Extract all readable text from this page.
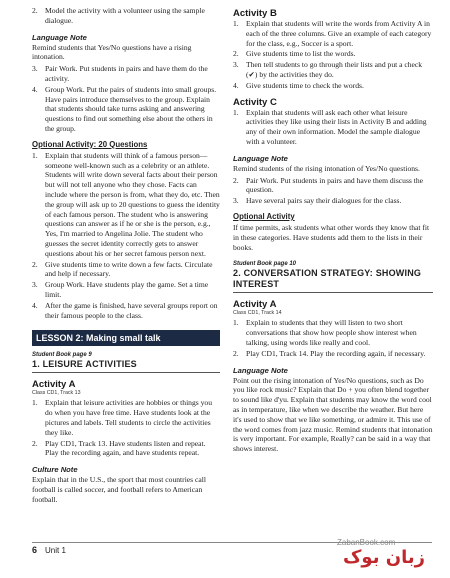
2. Model the activity with a volunteer using the sample dialogue.

Language Note

Remind students that Yes/No questions have a rising intonation.

3. Pair Work. Put students in pairs and have them do the activity.
4. Group Work. Put the pairs of students into small groups. Have pairs introduce themselves to the group. Explain that students should take turns asking and answering questions to find out something else about the others in the group.

Optional Activity: 20 Questions

1. Explain that students will think of a famous person—someone well-known such as a celebrity or an athlete. Students will write down several facts about their person but will not tell anyone who they chose. Facts can include where the person is from, what they do, etc. Then the group will ask up to 20 questions to guess the identity of each famous person. The student who is answering questions can answer as if he or she is the person, e.g., Yes, I'm married to Angelina Jolie. The student who guesses the secret identity correctly gets to answer questions about his or her secret famous person next.
2. Give students time to write down a few facts. Circulate and help if necessary.
3. Group Work. Have students play the game. Set a time limit.
4. After the game is finished, have several groups report on their famous people to the class.
LESSON 2: Making small talk

Student Book page 9

1. LEISURE ACTIVITIES

Activity A

Class CD1, Track 13

1. Explain that leisure activities are hobbies or things you do when you have free time. Have students look at the pictures and labels. Tell students to circle the activities they like.
2. Play CD1, Track 13. Have students listen and repeat. Play the recording again, and have students repeat.

Culture Note

Explain that in the U.S., the sport that most countries call football is called soccer, and football refers to American football.

Activity B

1. Explain that students will write the words from Activity A in each of the three columns. Give an example of each category for the class, e.g., Soccer is a sport.
2. Give students time to list the words.
3. Then tell students to go through their lists and put a check (✔) by the activities they do.
4. Give students time to check the words.

Activity C

1. Explain that students will ask each other what leisure activities they like using their lists in Activity B and adding any of their own information. Model the sample dialogue with a volunteer.

Language Note

Remind students of the rising intonation of Yes/No questions.

2. Pair Work. Put students in pairs and have them discuss the question.
3. Have several pairs say their dialogues for the class.

Optional Activity

If time permits, ask students what other words they know that fit in these categories. Have students add them to the lists in their books.

Student Book page 10

2. CONVERSATION STRATEGY: SHOWING INTEREST

Activity A

Class CD1, Track 14

1. Explain to students that they will listen to two short conversations that show how people show interest when talking, using words like really and cool.
2. Play CD1, Track 14. Play the recording again, if necessary.

Language Note

Point out the rising intonation of Yes/No questions, such as Do you like rock music? Explain that Do + you often blend together to sound like d'yu. Explain that students may know the word cool as in temperature, like when we describe the weather. But here it's used to show that we like something, or admire it. This use of the word comes from jazz music. Remind students that intonation is very important. For example, Really? can be said in a way that shows interest.

6 Unit 1
ZabanBook.com
زبان بوک
